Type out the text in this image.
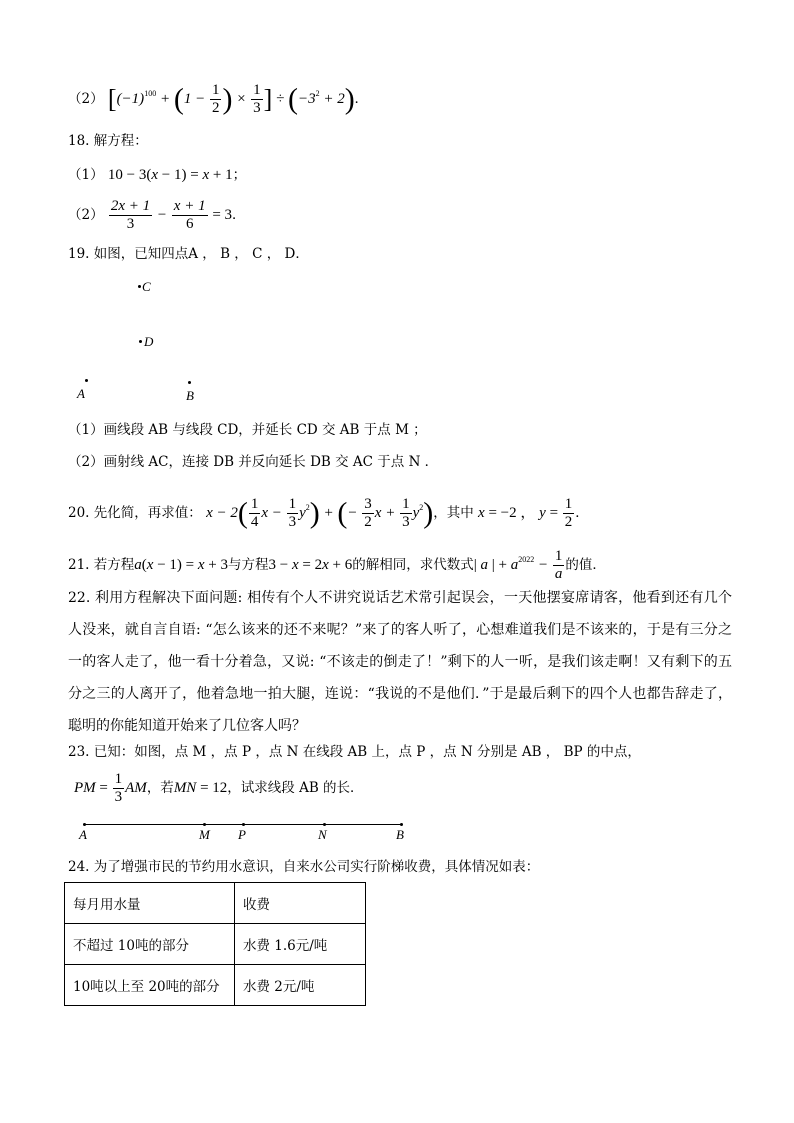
（2） [$(-1)^{100} + (1 - \frac{1}{2}$ ) × $\frac{1}{3}$ ] ÷ $(-3^2 + 2)$.
18. 解方程：
（1） 10 − 3(x − 1) = x + 1；
$(2) \frac{2x + 1}{3} - \frac{x + 1}{6} = 3$．
19. 如图，已知四点A ， B ， C ， D．
C
D
A	B
（1）画线段 AB 与线段 CD，并延长 CD 交 AB 于点 M ；
（2）画射线 AC，连接 DB 并反向延长 DB 交 AC 于点 N ．
20. 先化简，再求值： $x - 2( \frac{1}{4}$ $x - \frac{1}{3} y^2$) + (− $\frac{3}{2}$ $x + \frac{1}{3} y^2$)，其中 x = −2 ， $y = \frac{1}{2}$ ．
21. 若方程a(x − 1) = x + 3与方程3 − x = 2x + 6的解相同，求代数式| a | + $a^{2022} - \frac{1}{a}$ 的值．
22. 利用方程解决下面问题: 相传有个人不讲究说话艺术常引起误会，一天他摆宴席请客，他看到还有几个人没来，就自言自语: “怎么该来的还不来呢？”来了的客人听了，心想难道我们是不该来的，于是有三分之一的客人走了，他一看十分着急，又说: “不该走的倒走了！”剩下的人一听，是我们该走啊！又有剩下的五分之三的人离开了，他着急地一拍大腿，连说：“我说的不是他们．”于是最后剩下的四个人也都告辞走了，聪明的你能知道开始来了几位客人吗？
23. 已知：如图，点 M ，点 P ，点 N 在线段 AB 上，点 P ，点 N 分别是 AB ， BP 的中点，
PM = $\frac{1}{3}$ AM，若MN = 12，试求线段 AB 的长．
A	M P	N	B
24. 为了增强市民的节约用水意识，自来水公司实行阶梯收费，具体情况如表：
每月用水量	收费
不超过 10吨的部分	水费 1.6元/吨
10吨以上至 20吨的部分	水费 2元/吨
